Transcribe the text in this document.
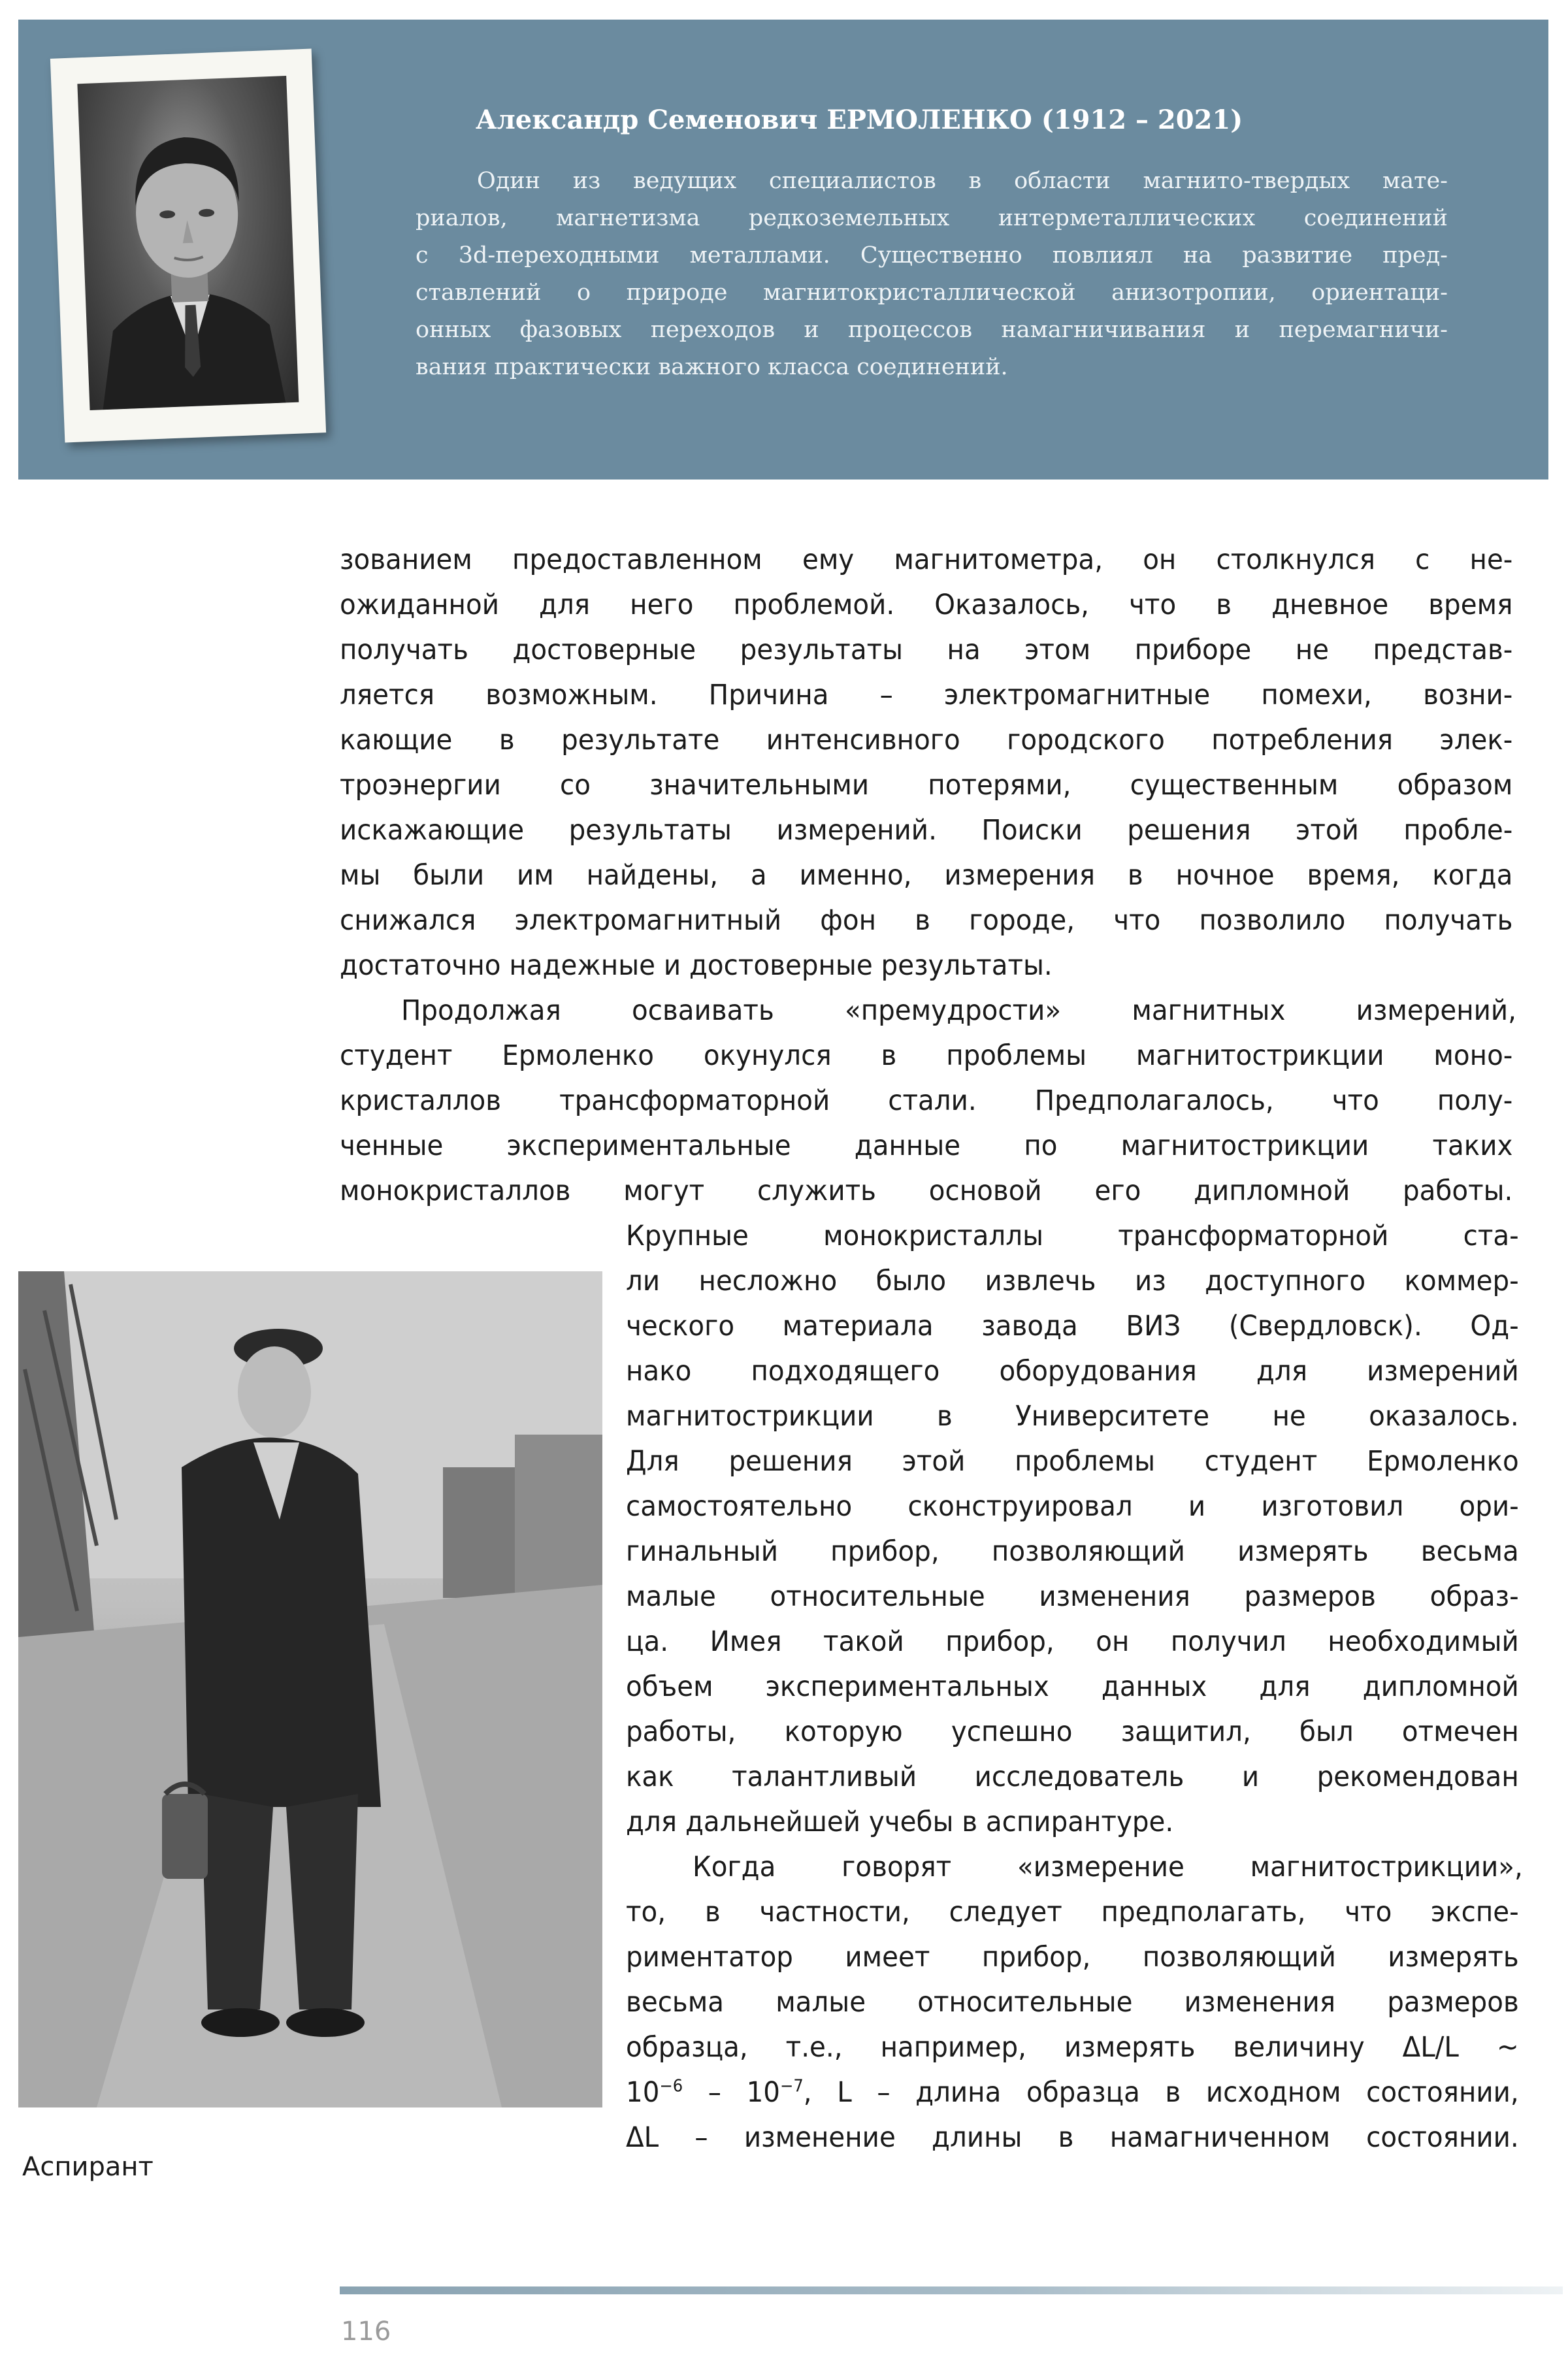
Александр Семенович ЕРМОЛЕНКО (1912 – 2021)

Один из ведущих специалистов в области магнито-твердых мате-

риалов, магнетизма редкоземельных интерметаллических соединений

с 3d-переходными металлами. Существенно повлиял на развитие пред-

ставлений о природе магнитокристаллической анизотропии, ориентаци-

онных фазовых переходов и процессов намагничивания и перемагничи-

вания практически важного класса соединений.

зованием предоставленном ему магнитометра, он столкнулся с не-

ожиданной для него проблемой. Оказалось, что в дневное время

получать достоверные результаты на этом приборе не представ-

ляется возможным. Причина – электромагнитные помехи, возни-

кающие в результате интенсивного городского потребления элек-

троэнергии со значительными потерями, существенным образом

искажающие результаты измерений. Поиски решения этой пробле-

мы были им найдены, а именно, измерения в ночное время, когда

снижался электромагнитный фон в городе, что позволило получать

достаточно надежные и достоверные результаты.

Продолжая осваивать «премудрости» магнитных измерений,

студент Ермоленко окунулся в проблемы магнитострикции моно-

кристаллов трансформаторной стали. Предполагалось, что полу-

ченные экспериментальные данные по магнитострикции таких

монокристаллов могут служить основой его дипломной работы.

Аспирант

Крупные монокристаллы трансформаторной ста-

ли несложно было извлечь из доступного коммер-

ческого материала завода ВИЗ (Свердловск). Од-

нако подходящего оборудования для измерений

магнитострикции в Университете не оказалось.

Для решения этой проблемы студент Ермоленко

самостоятельно сконструировал и изготовил ори-

гинальный прибор, позволяющий измерять весьма

малые относительные изменения размеров образ-

ца. Имея такой прибор, он получил необходимый

объем экспериментальных данных для дипломной

работы, которую успешно защитил, был отмечен

как талантливый исследователь и рекомендован

для дальнейшей учебы в аспирантуре.

Когда говорят «измерение магнитострикции»,

то, в частности, следует предполагать, что экспе-

риментатор имеет прибор, позволяющий измерять

весьма малые относительные изменения размеров

образца, т.е., например, измерять величину ΔL/L ~

$10^{-6} - 10^{-7}$, L – длина образца в исходном состоянии,

ΔL – изменение длины в намагниченном состоянии.

116
